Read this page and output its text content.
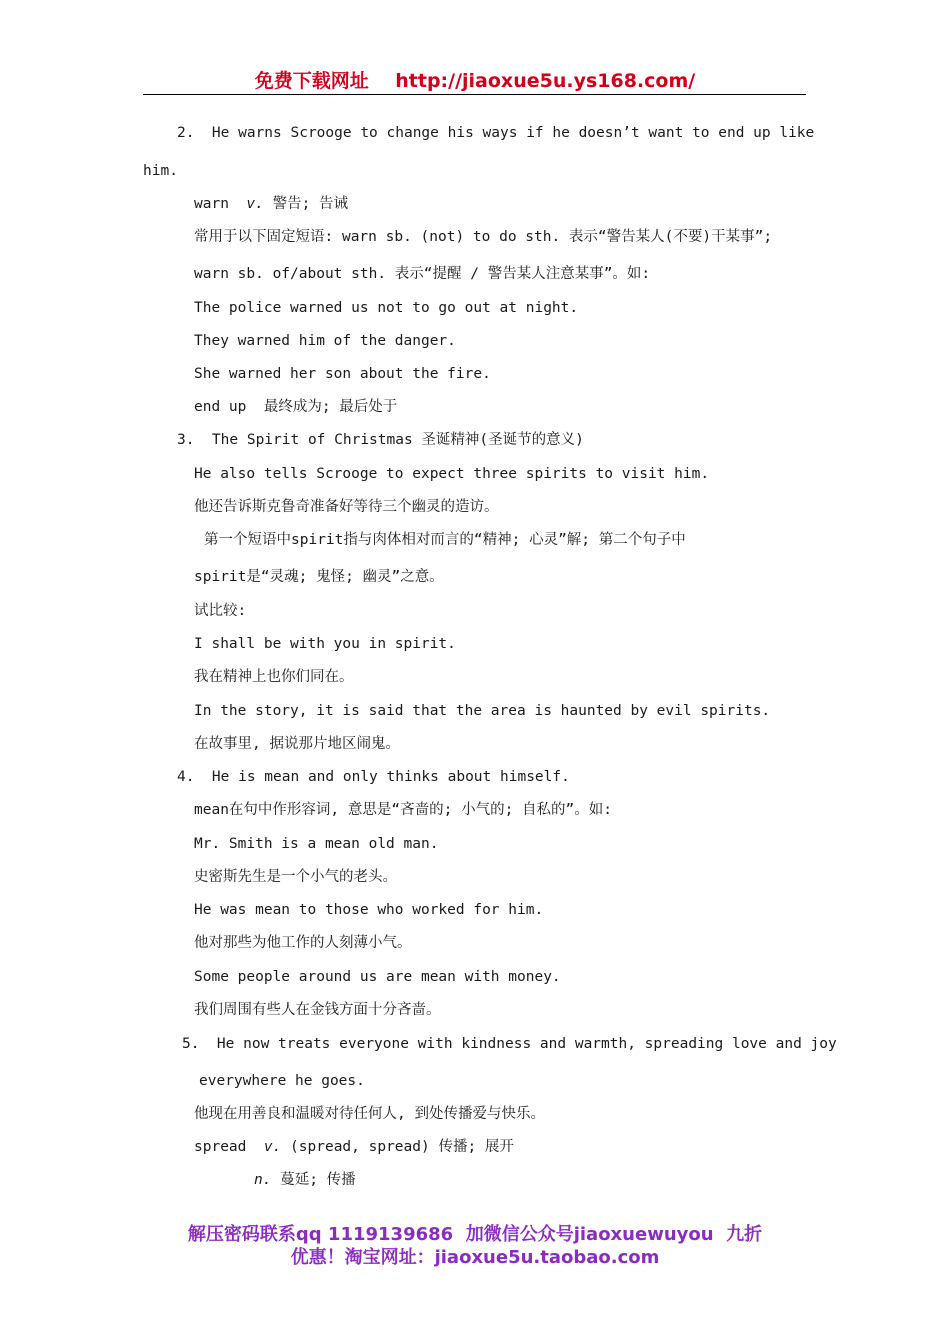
免费下载网址 http://jiaoxue5u.ys168.com/
2.  He warns Scrooge to change his ways if he doesn’t want to end up like
him.
warn  v. 警告; 告诫
常用于以下固定短语: warn sb. (not) to do sth. 表示“警告某人(不要)干某事”;
warn sb. of/about sth. 表示“提醒 / 警告某人注意某事”。如:
The police warned us not to go out at night.
They warned him of the danger.
She warned her son about the fire.
end up  最终成为; 最后处于
3.  The Spirit of Christmas 圣诞精神(圣诞节的意义)
He also tells Scrooge to expect three spirits to visit him.
他还告诉斯克鲁奇准备好等待三个幽灵的造访。
第一个短语中spirit指与肉体相对而言的“精神; 心灵”解; 第二个句子中
spirit是“灵魂; 鬼怪; 幽灵”之意。
试比较:
I shall be with you in spirit.
我在精神上也你们同在。
In the story, it is said that the area is haunted by evil spirits.
在故事里, 据说那片地区闹鬼。
4.  He is mean and only thinks about himself.
mean在句中作形容词, 意思是“吝啬的; 小气的; 自私的”。如:
Mr. Smith is a mean old man.
史密斯先生是一个小气的老头。
He was mean to those who worked for him.
他对那些为他工作的人刻薄小气。
Some people around us are mean with money.
我们周围有些人在金钱方面十分吝啬。
5.  He now treats everyone with kindness and warmth, spreading love and joy
everywhere he goes.
他现在用善良和温暖对待任何人, 到处传播爱与快乐。
spread  v. (spread, spread) 传播; 展开
n. 蔓延; 传播
解压密码联系qq 1119139686  加微信公众号jiaoxuewuyou  九折
优惠！淘宝网址：jiaoxue5u.taobao.com
